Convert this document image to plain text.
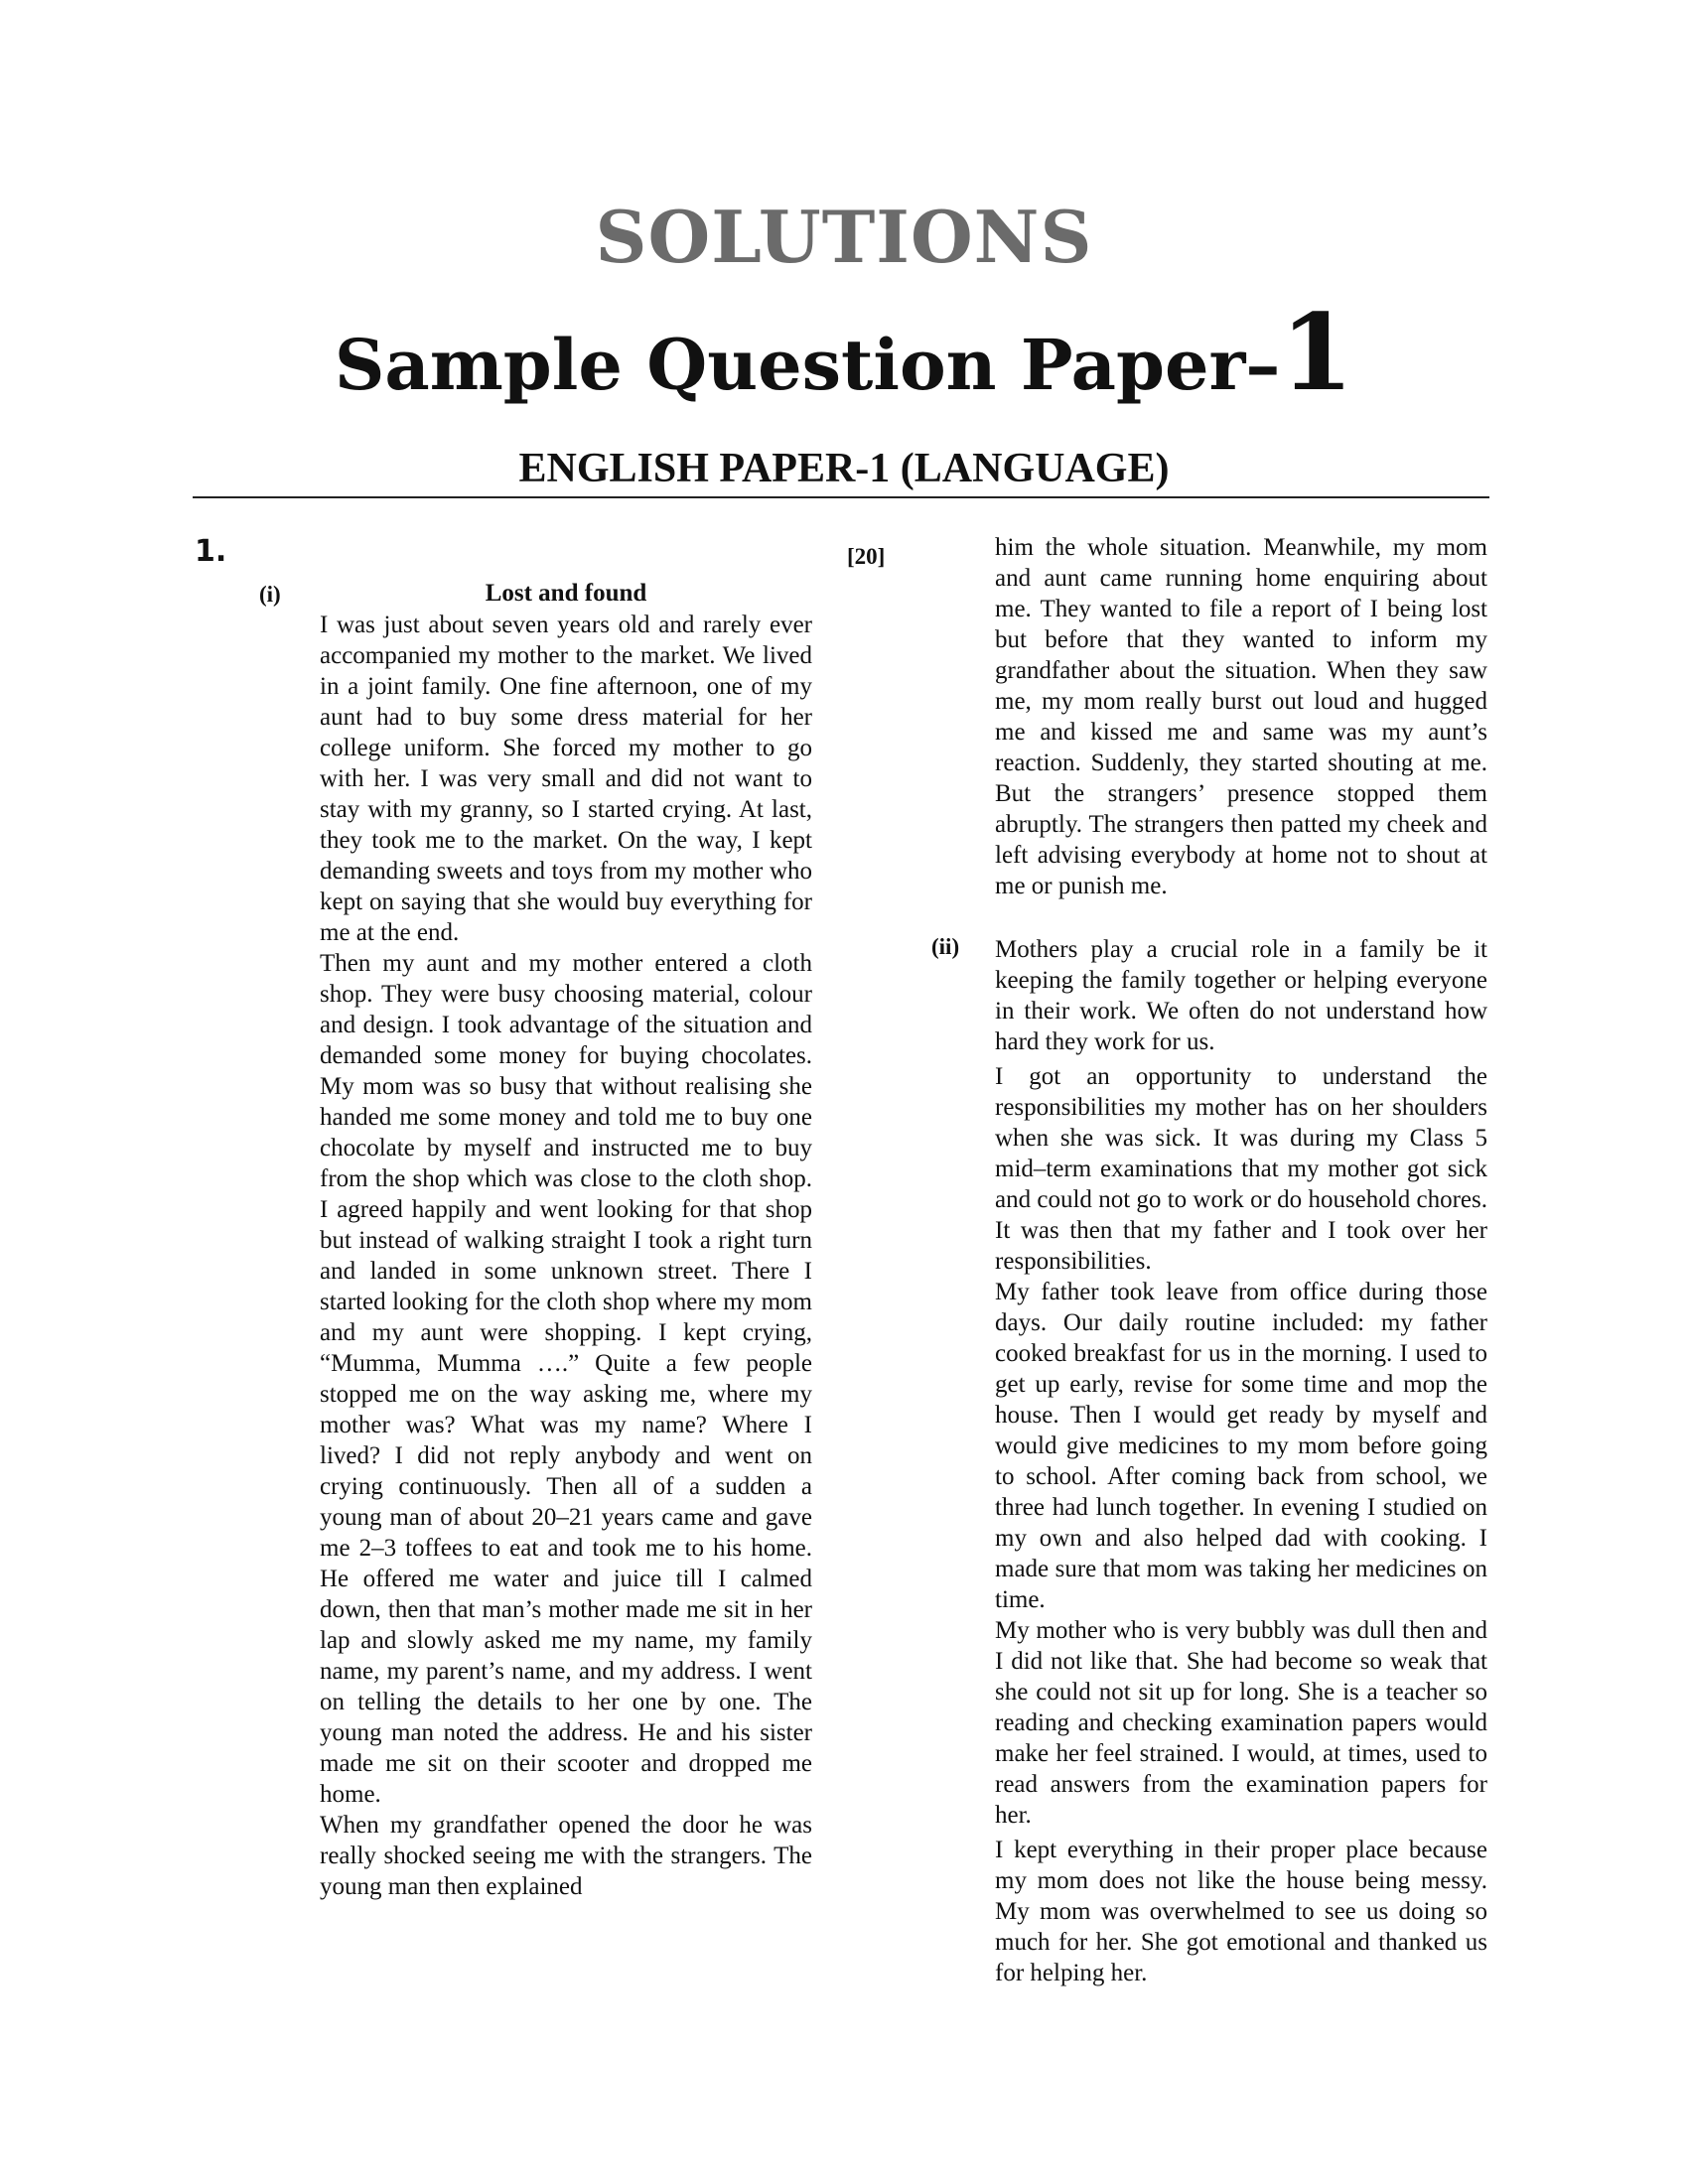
SOLUTIONS
Sample Question Paper–1
ENGLISH PAPER-1 (LANGUAGE)
1.	[20]
(i)	Lost and found

I was just about seven years old and rarely ever accompanied my mother to the market. We lived in a joint family. One fine afternoon, one of my aunt had to buy some dress material for her college uniform. She forced my mother to go with her. I was very small and did not want to stay with my granny, so I started crying. At last, they took me to the market. On the way, I kept demanding sweets and toys from my mother who kept on saying that she would buy everything for me at the end.

Then my aunt and my mother entered a cloth shop. They were busy choosing material, colour and design. I took advantage of the situation and demanded some money for buying chocolates. My mom was so busy that without realising she handed me some money and told me to buy one chocolate by myself and instructed me to buy from the shop which was close to the cloth shop. I agreed happily and went looking for that shop but instead of walking straight I took a right turn and landed in some unknown street. There I started looking for the cloth shop where my mom and my aunt were shopping. I kept crying, “Mumma, Mumma ….” Quite a few people stopped me on the way asking me, where my mother was? What was my name? Where I lived? I did not reply anybody and went on crying continuously. Then all of a sudden a young man of about 20–21 years came and gave me 2–3 toffees to eat and took me to his home. He offered me water and juice till I calmed down, then that man’s mother made me sit in her lap and slowly asked me my name, my family name, my parent’s name, and my address. I went on telling the details to her one by one. The young man noted the address. He and his sister made me sit on their scooter and dropped me home.

When my grandfather opened the door he was really shocked seeing me with the strangers. The young man then explained

him the whole situation. Meanwhile, my mom and aunt came running home enquiring about me. They wanted to file a report of I being lost but before that they wanted to inform my grandfather about the situation. When they saw me, my mom really burst out loud and hugged me and kissed me and same was my aunt’s reaction. Suddenly, they started shouting at me. But the strangers’ presence stopped them abruptly. The strangers then patted my cheek and left advising everybody at home not to shout at me or punish me.

(ii) Mothers play a crucial role in a family be it keeping the family together or helping everyone in their work. We often do not understand how hard they work for us.

I got an opportunity to understand the responsibilities my mother has on her shoulders when she was sick. It was during my Class 5 mid–term examinations that my mother got sick and could not go to work or do household chores. It was then that my father and I took over her responsibilities.

My father took leave from office during those days. Our daily routine included: my father cooked breakfast for us in the morning. I used to get up early, revise for some time and mop the house. Then I would get ready by myself and would give medicines to my mom before going to school. After coming back from school, we three had lunch together. In evening I studied on my own and also helped dad with cooking. I made sure that mom was taking her medicines on time.

My mother who is very bubbly was dull then and I did not like that. She had become so weak that she could not sit up for long. She is a teacher so reading and checking examination papers would make her feel strained. I would, at times, used to read answers from the examination papers for her.

I kept everything in their proper place because my mom does not like the house being messy. My mom was overwhelmed to see us doing so much for her. She got emotional and thanked us for helping her.
